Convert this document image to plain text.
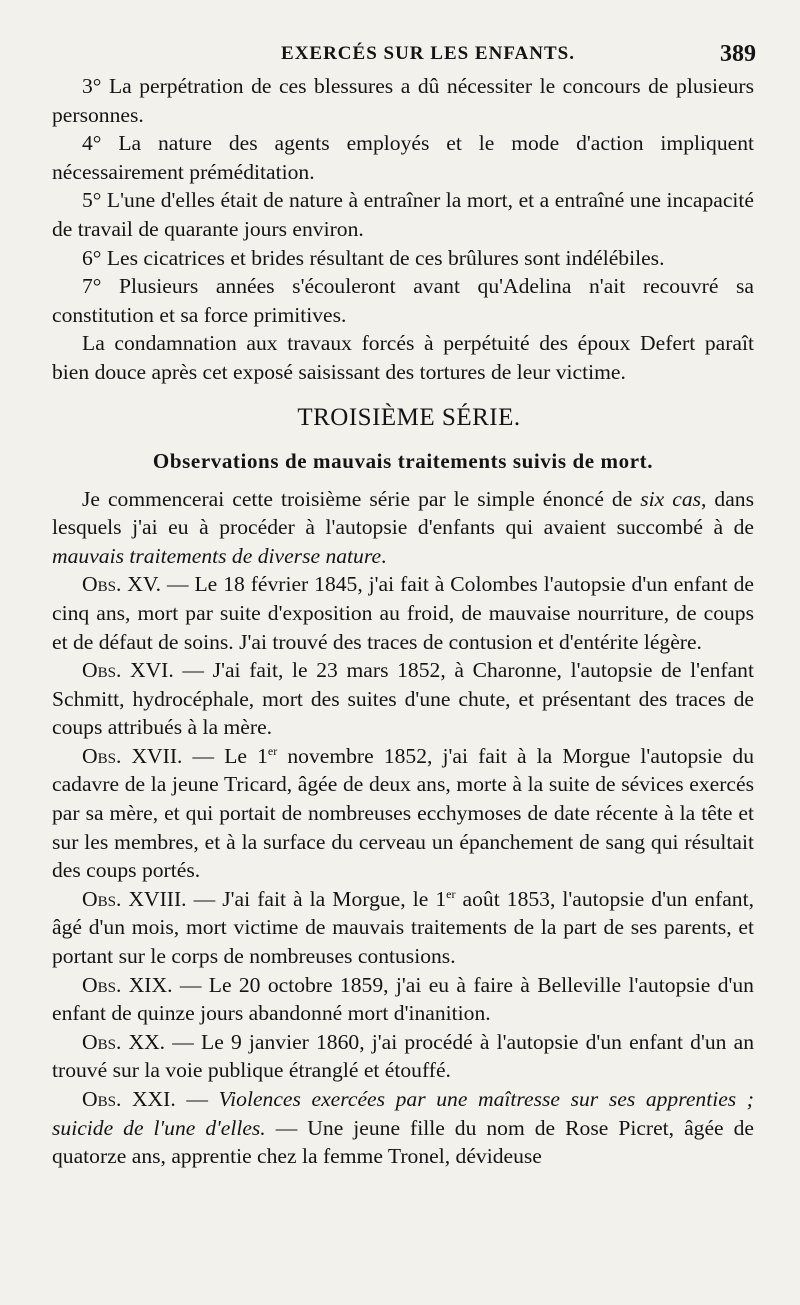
EXERCÉS SUR LES ENFANTS.	389

3° La perpétration de ces blessures a dû nécessiter le concours de plusieurs personnes.

4° La nature des agents employés et le mode d'action impliquent nécessairement préméditation.

5° L'une d'elles était de nature à entraîner la mort, et a entraîné une incapacité de travail de quarante jours environ.

6° Les cicatrices et brides résultant de ces brûlures sont indélébiles.

7° Plusieurs années s'écouleront avant qu'Adelina n'ait recouvré sa constitution et sa force primitives.

La condamnation aux travaux forcés à perpétuité des époux Defert paraît bien douce après cet exposé saisissant des tortures de leur victime.

TROISIÈME SÉRIE.
Observations de mauvais traitements suivis de mort.

Je commencerai cette troisième série par le simple énoncé de six cas, dans lesquels j'ai eu à procéder à l'autopsie d'enfants qui avaient succombé à de mauvais traitements de diverse nature.

Obs. XV. — Le 18 février 1845, j'ai fait à Colombes l'autopsie d'un enfant de cinq ans, mort par suite d'exposition au froid, de mauvaise nourriture, de coups et de défaut de soins. J'ai trouvé des traces de contusion et d'entérite légère.

Obs. XVI. — J'ai fait, le 23 mars 1852, à Charonne, l'autopsie de l'enfant Schmitt, hydrocéphale, mort des suites d'une chute, et présentant des traces de coups attribués à la mère.

Obs. XVII. — Le 1er novembre 1852, j'ai fait à la Morgue l'autopsie du cadavre de la jeune Tricard, âgée de deux ans, morte à la suite de sévices exercés par sa mère, et qui portait de nombreuses ecchymoses de date récente à la tête et sur les membres, et à la surface du cerveau un épanchement de sang qui résultait des coups portés.

Obs. XVIII. — J'ai fait à la Morgue, le 1er août 1853, l'autopsie d'un enfant, âgé d'un mois, mort victime de mauvais traitements de la part de ses parents, et portant sur le corps de nombreuses contusions.

Obs. XIX. — Le 20 octobre 1859, j'ai eu à faire à Belleville l'autopsie d'un enfant de quinze jours abandonné mort d'inanition.

Obs. XX. — Le 9 janvier 1860, j'ai procédé à l'autopsie d'un enfant d'un an trouvé sur la voie publique étranglé et étouffé.

Obs. XXI. — Violences exercées par une maîtresse sur ses apprenties ; suicide de l'une d'elles. — Une jeune fille du nom de Rose Picret, âgée de quatorze ans, apprentie chez la femme Tronel, dévideuse
